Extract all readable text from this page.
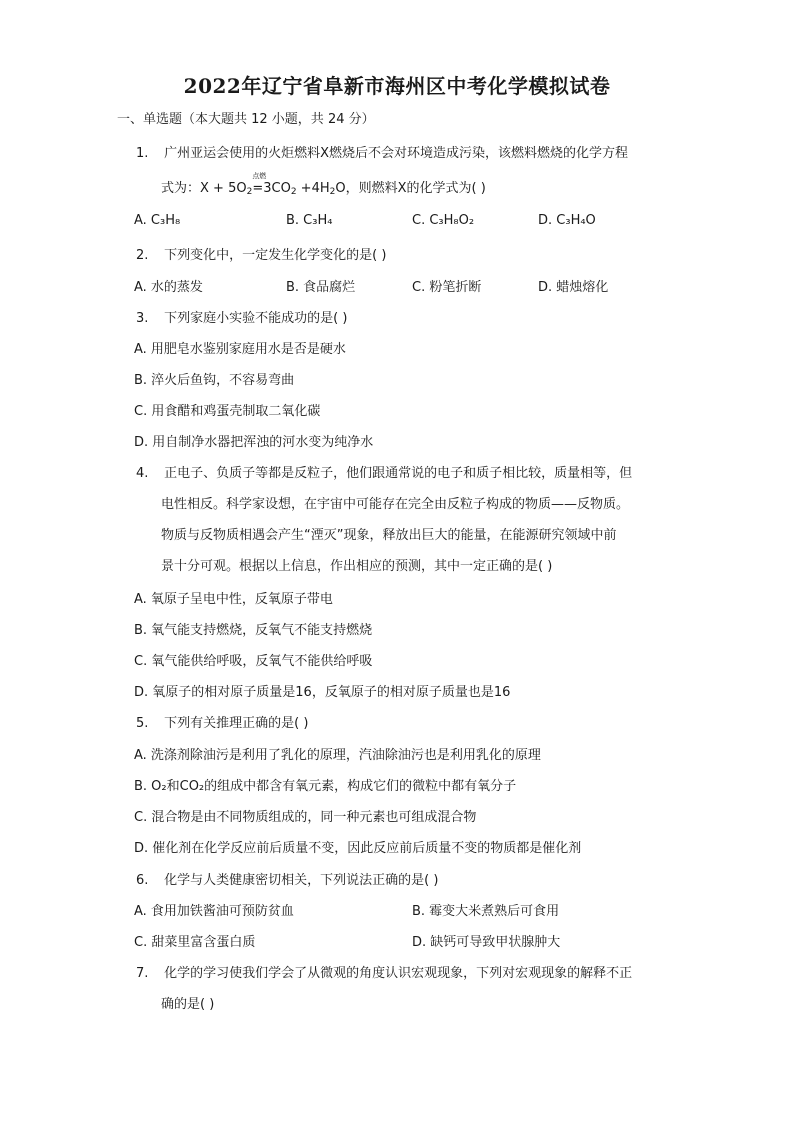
2022年辽宁省阜新市海州区中考化学模拟试卷
一、单选题（本大题共 12 小题，共 24 分）
1. 广州亚运会使用的火炬燃料X燃烧后不会对环境造成污染，该燃料燃烧的化学方程
式为：$X + 5O_2$
点燃
$=3CO_2 +4H_2O$，则燃料X的化学式为( )
A. C₃H₈	B. C₃H₄	C. C₃H₈O₂	D. C₃H₄O
2. 下列变化中，一定发生化学变化的是( )
A. 水的蒸发	B. 食品腐烂	C. 粉笔折断	D. 蜡烛熔化
3. 下列家庭小实验不能成功的是( )
A. 用肥皂水鉴别家庭用水是否是硬水
B. 淬火后鱼钩，不容易弯曲
C. 用食醋和鸡蛋壳制取二氧化碳
D. 用自制净水器把浑浊的河水变为纯净水
4. 正电子、负质子等都是反粒子，他们跟通常说的电子和质子相比较，质量相等，但
电性相反。科学家设想，在宇宙中可能存在完全由反粒子构成的物质——反物质。
物质与反物质相遇会产生“湮灭”现象，释放出巨大的能量，在能源研究领域中前
景十分可观。根据以上信息，作出相应的预测，其中一定正确的是( )
A. 氧原子呈电中性，反氧原子带电
B. 氧气能支持燃烧，反氧气不能支持燃烧
C. 氧气能供给呼吸，反氧气不能供给呼吸
D. 氧原子的相对原子质量是16，反氧原子的相对原子质量也是16
5. 下列有关推理正确的是( )
A. 洗涤剂除油污是利用了乳化的原理，汽油除油污也是利用乳化的原理
B. O₂和CO₂的组成中都含有氧元素，构成它们的微粒中都有氧分子
C. 混合物是由不同物质组成的，同一种元素也可组成混合物
D. 催化剂在化学反应前后质量不变，因此反应前后质量不变的物质都是催化剂
6. 化学与人类健康密切相关，下列说法正确的是( )
A. 食用加铁酱油可预防贫血	B. 霉变大米煮熟后可食用
C. 甜菜里富含蛋白质	D. 缺钙可导致甲状腺肿大
7. 化学的学习使我们学会了从微观的角度认识宏观现象，下列对宏观现象的解释不正
确的是( )
